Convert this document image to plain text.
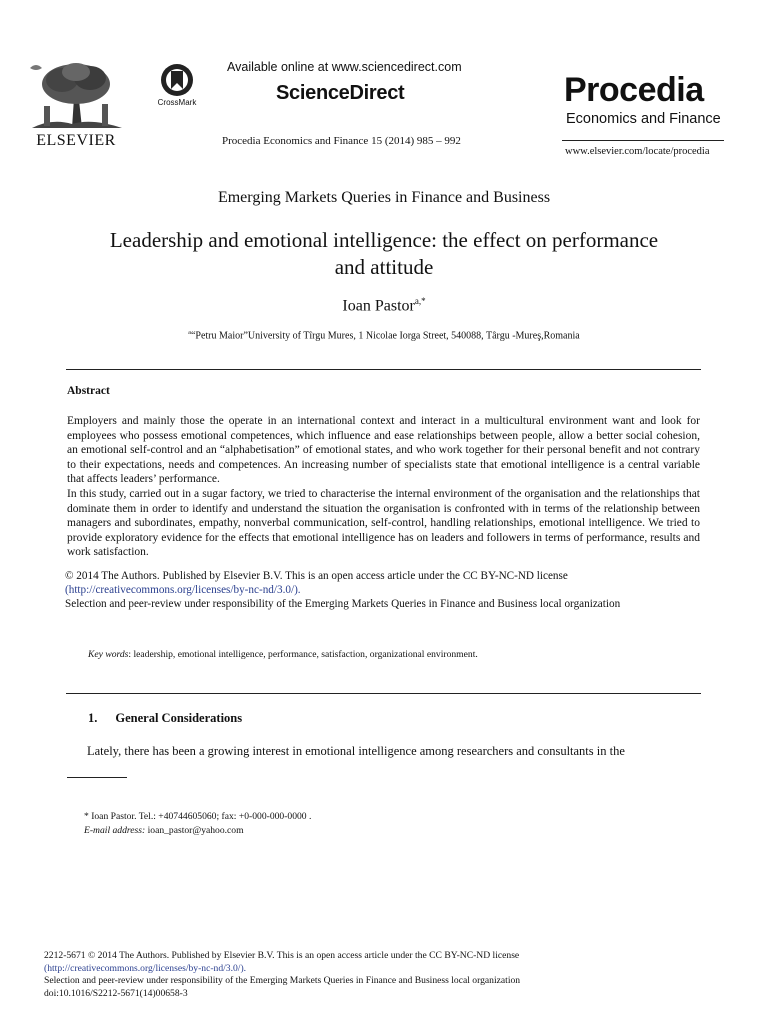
ELSEVIER
CrossMark
Available online at www.sciencedirect.com
ScienceDirect
Procedia Economics and Finance 15 (2014) 985 – 992
Procedia
Economics and Finance
www.elsevier.com/locate/procedia
Emerging Markets Queries in Finance and Business
Leadership and emotional intelligence: the effect on performance
and attitude
Ioan Pastor$^{a,*}$
$^a$“Petru Maior”University of Tîrgu Mures, 1 Nicolae Iorga Street, 540088, Târgu -Mureş,Romania
Abstract
Employers and mainly those the operate in an international context and interact in a multicultural environment want and look for employees who possess emotional competences, which influence and ease relationships between people, allow a better social cohesion, an emotional self-control and an “alphabetisation” of emotional states, and who work together for their personal benefit and not contrary to their expectations, needs and competences. An increasing number of specialists state that emotional intelligence is a central variable that affects leaders’ performance.
In this study, carried out in a sugar factory, we tried to characterise the internal environment of the organisation and the relationships that dominate them in order to identify and understand the situation the organisation is confronted with in terms of the relationship between managers and subordinates, empathy, nonverbal communication, self-control, handling relationships, emotional intelligence. We tried to provide exploratory evidence for the effects that emotional intelligence has on leaders and followers in terms of performance, results and work satisfaction.
© 2014 The Authors. Published by Elsevier B.V. This is an open access article under the CC BY-NC-ND license
(http://creativecommons.org/licenses/by-nc-nd/3.0/).
Selection and peer-review under responsibility of the Emerging Markets Queries in Finance and Business local organization
Key words: leadership, emotional intelligence, performance, satisfaction, organizational environment.
1. General Considerations
Lately, there has been a growing interest in emotional intelligence among researchers and consultants in the
* Ioan Pastor. Tel.: +40744605060; fax: +0-000-000-0000 .
E-mail address: ioan_pastor@yahoo.com
2212-5671 © 2014 The Authors. Published by Elsevier B.V. This is an open access article under the CC BY-NC-ND license
(http://creativecommons.org/licenses/by-nc-nd/3.0/).
Selection and peer-review under responsibility of the Emerging Markets Queries in Finance and Business local organization
doi:10.1016/S2212-5671(14)00658-3
